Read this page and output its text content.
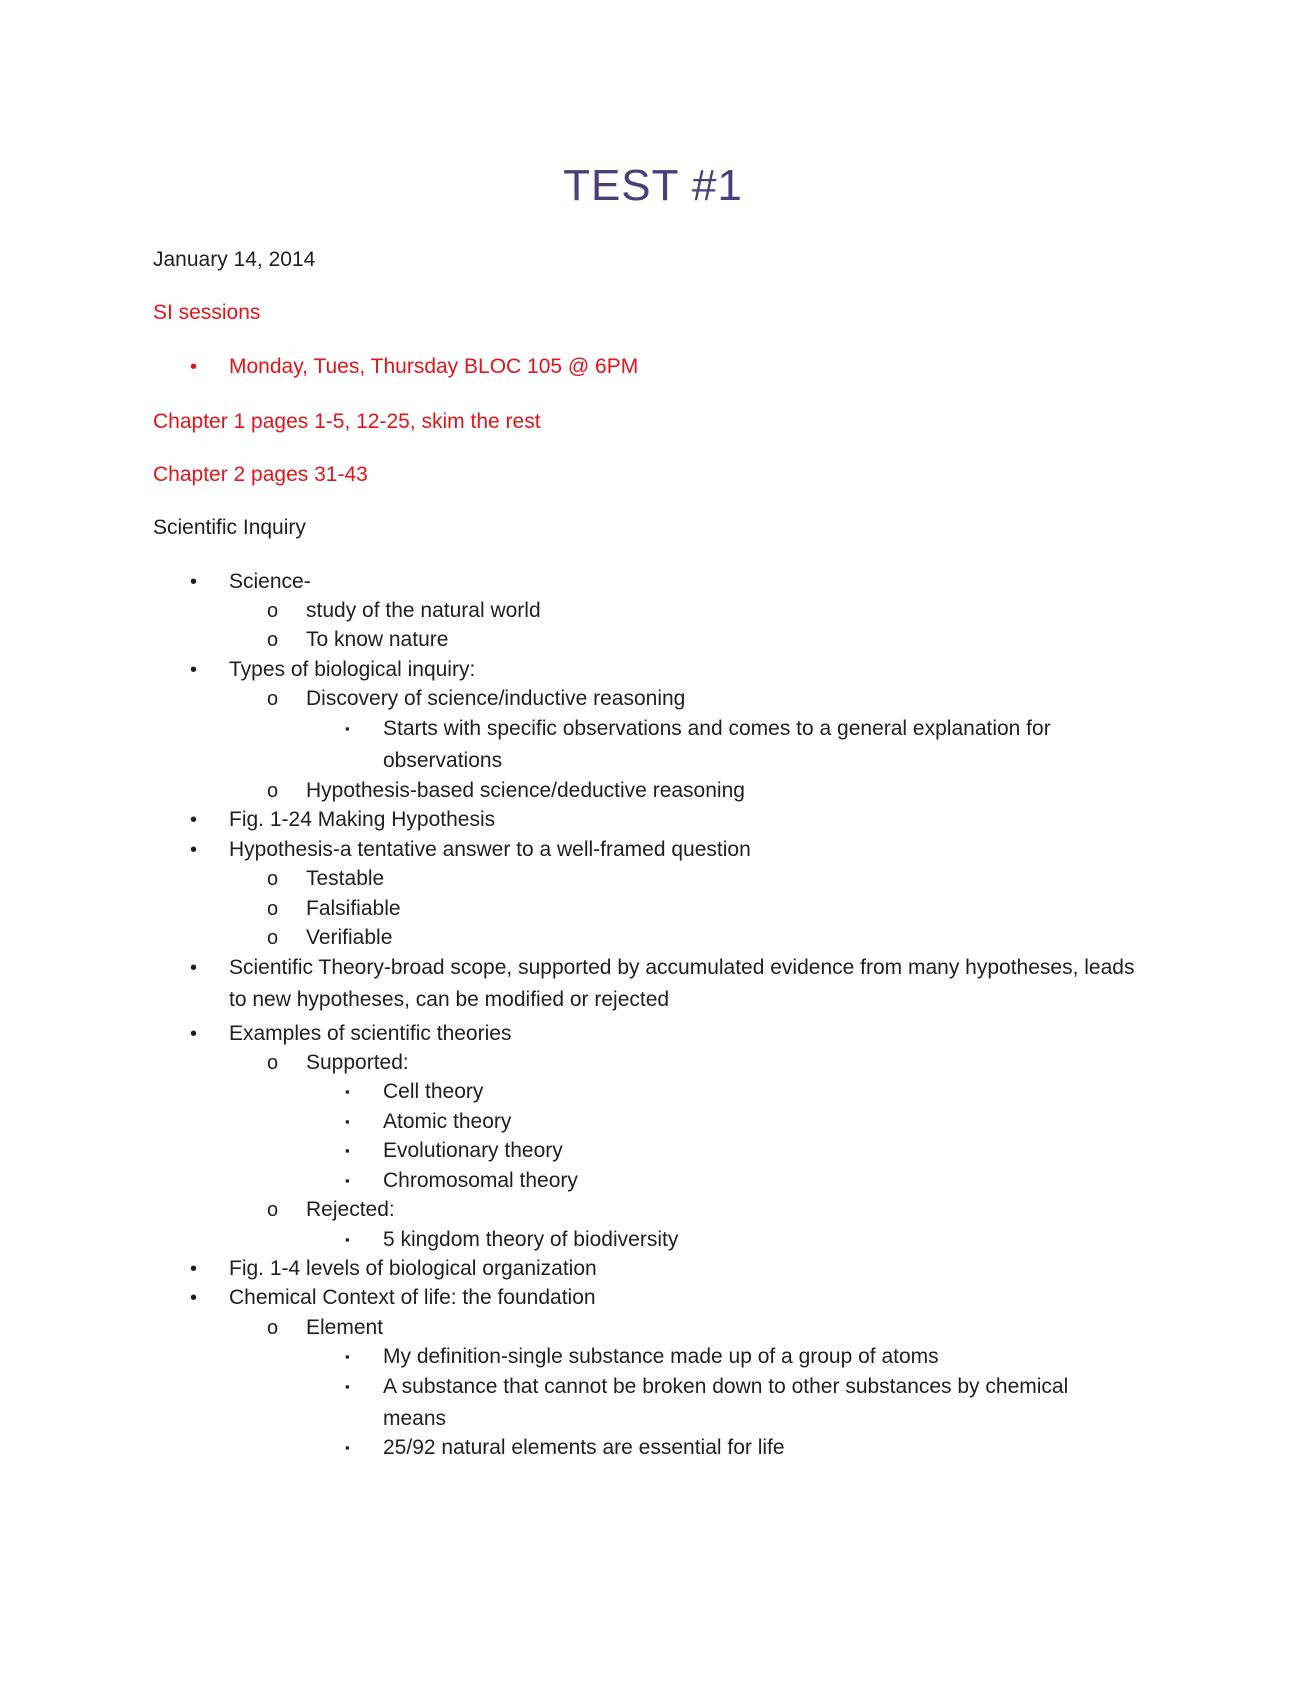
TEST #1
January 14, 2014
SI sessions
• Monday, Tues, Thursday BLOC 105 @ 6PM
Chapter 1 pages 1-5, 12-25, skim the rest
Chapter 2 pages 31-43
Scientific Inquiry
• Science-
o study of the natural world
o To know nature
• Types of biological inquiry:
o Discovery of science/inductive reasoning
▪ Starts with specific observations and comes to a general explanation for
observations
o Hypothesis-based science/deductive reasoning
• Fig. 1-24 Making Hypothesis
• Hypothesis-a tentative answer to a well-framed question
o Testable
o Falsifiable
o Verifiable
• Scientific Theory-broad scope, supported by accumulated evidence from many hypotheses, leads
to new hypotheses, can be modified or rejected
• Examples of scientific theories
o Supported:
▪ Cell theory
▪ Atomic theory
▪ Evolutionary theory
▪ Chromosomal theory
o Rejected:
▪ 5 kingdom theory of biodiversity
• Fig. 1-4 levels of biological organization
• Chemical Context of life: the foundation
o Element
▪ My definition-single substance made up of a group of atoms
▪ A substance that cannot be broken down to other substances by chemical
means
▪ 25/92 natural elements are essential for life
